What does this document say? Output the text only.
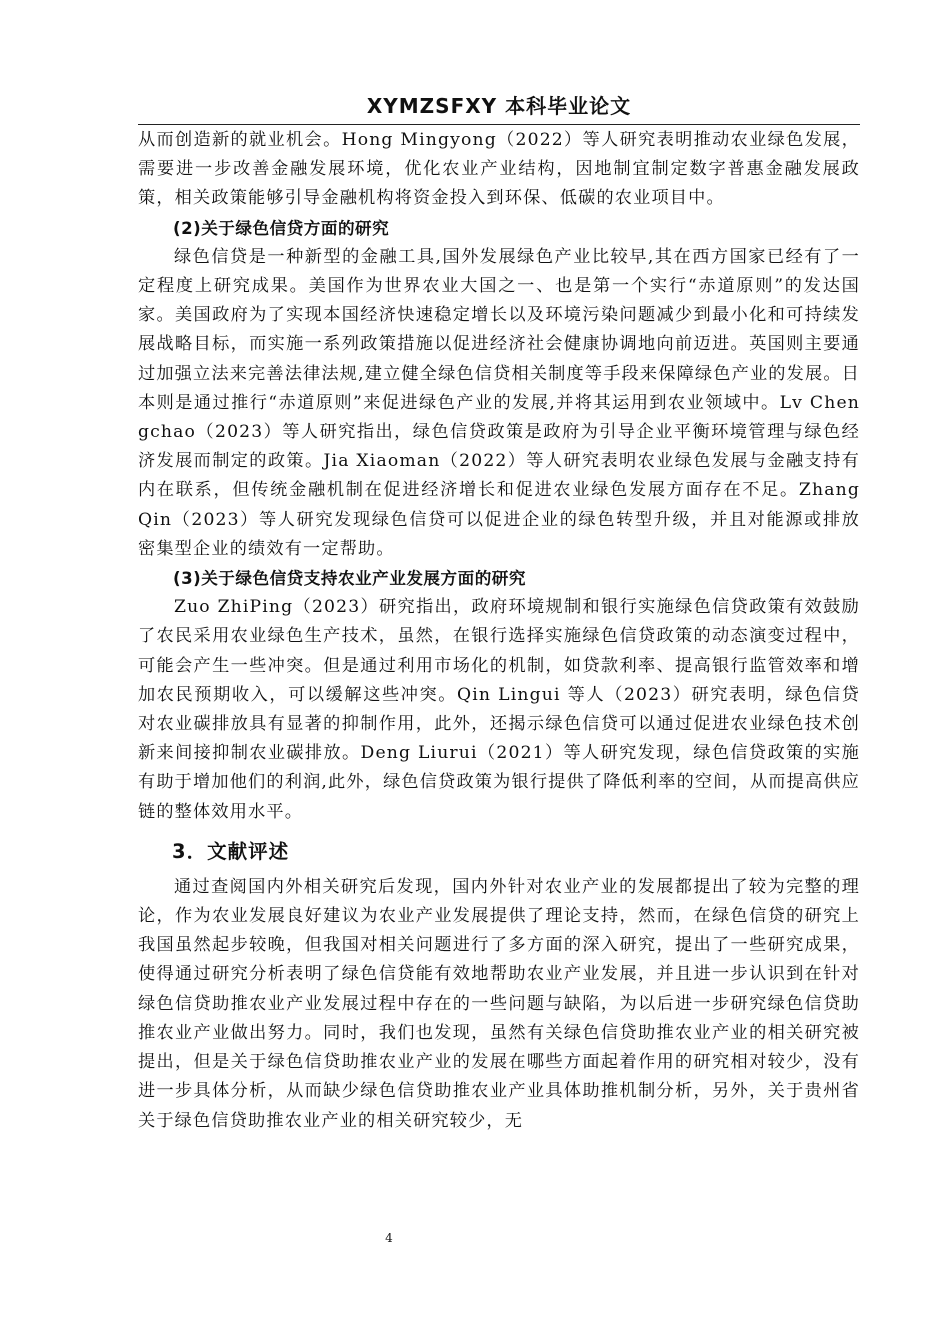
XYMZSFXY 本科毕业论文

从而创造新的就业机会。Hong Mingyong（2022）等人研究表明推动农业绿色发展，需要进一步改善金融发展环境，优化农业产业结构，因地制宜制定数字普惠金融发展政策，相关政策能够引导金融机构将资金投入到环保、低碳的农业项目中。

(2)关于绿色信贷方面的研究

绿色信贷是一种新型的金融工具,国外发展绿色产业比较早,其在西方国家已经有了一定程度上研究成果。美国作为世界农业大国之一、也是第一个实行“赤道原则”的发达国家。美国政府为了实现本国经济快速稳定增长以及环境污染问题减少到最小化和可持续发展战略目标，而实施一系列政策措施以促进经济社会健康协调地向前迈进。英国则主要通过加强立法来完善法律法规,建立健全绿色信贷相关制度等手段来保障绿色产业的发展。日本则是通过推行“赤道原则”来促进绿色产业的发展,并将其运用到农业领域中。Lv Chengchao（2023）等人研究指出，绿色信贷政策是政府为引导企业平衡环境管理与绿色经济发展而制定的政策。Jia Xiaoman（2022）等人研究表明农业绿色发展与金融支持有内在联系，但传统金融机制在促进经济增长和促进农业绿色发展方面存在不足。Zhang Qin（2023）等人研究发现绿色信贷可以促进企业的绿色转型升级，并且对能源或排放密集型企业的绩效有一定帮助。

(3)关于绿色信贷支持农业产业发展方面的研究

Zuo ZhiPing（2023）研究指出，政府环境规制和银行实施绿色信贷政策有效鼓励了农民采用农业绿色生产技术，虽然，在银行选择实施绿色信贷政策的动态演变过程中，可能会产生一些冲突。但是通过利用市场化的机制，如贷款利率、提高银行监管效率和增加农民预期收入，可以缓解这些冲突。Qin Lingui 等人（2023）研究表明，绿色信贷对农业碳排放具有显著的抑制作用，此外，还揭示绿色信贷可以通过促进农业绿色技术创新来间接抑制农业碳排放。Deng Liurui（2021）等人研究发现，绿色信贷政策的实施有助于增加他们的利润,此外，绿色信贷政策为银行提供了降低利率的空间，从而提高供应链的整体效用水平。

3．文献评述

通过查阅国内外相关研究后发现，国内外针对农业产业的发展都提出了较为完整的理论，作为农业发展良好建议为农业产业发展提供了理论支持，然而，在绿色信贷的研究上我国虽然起步较晚，但我国对相关问题进行了多方面的深入研究，提出了一些研究成果，使得通过研究分析表明了绿色信贷能有效地帮助农业产业发展，并且进一步认识到在针对绿色信贷助推农业产业发展过程中存在的一些问题与缺陷，为以后进一步研究绿色信贷助推农业产业做出努力。同时，我们也发现，虽然有关绿色信贷助推农业产业的相关研究被提出，但是关于绿色信贷助推农业产业的发展在哪些方面起着作用的研究相对较少，没有进一步具体分析，从而缺少绿色信贷助推农业产业具体助推机制分析，另外，关于贵州省关于绿色信贷助推农业产业的相关研究较少，无

4
